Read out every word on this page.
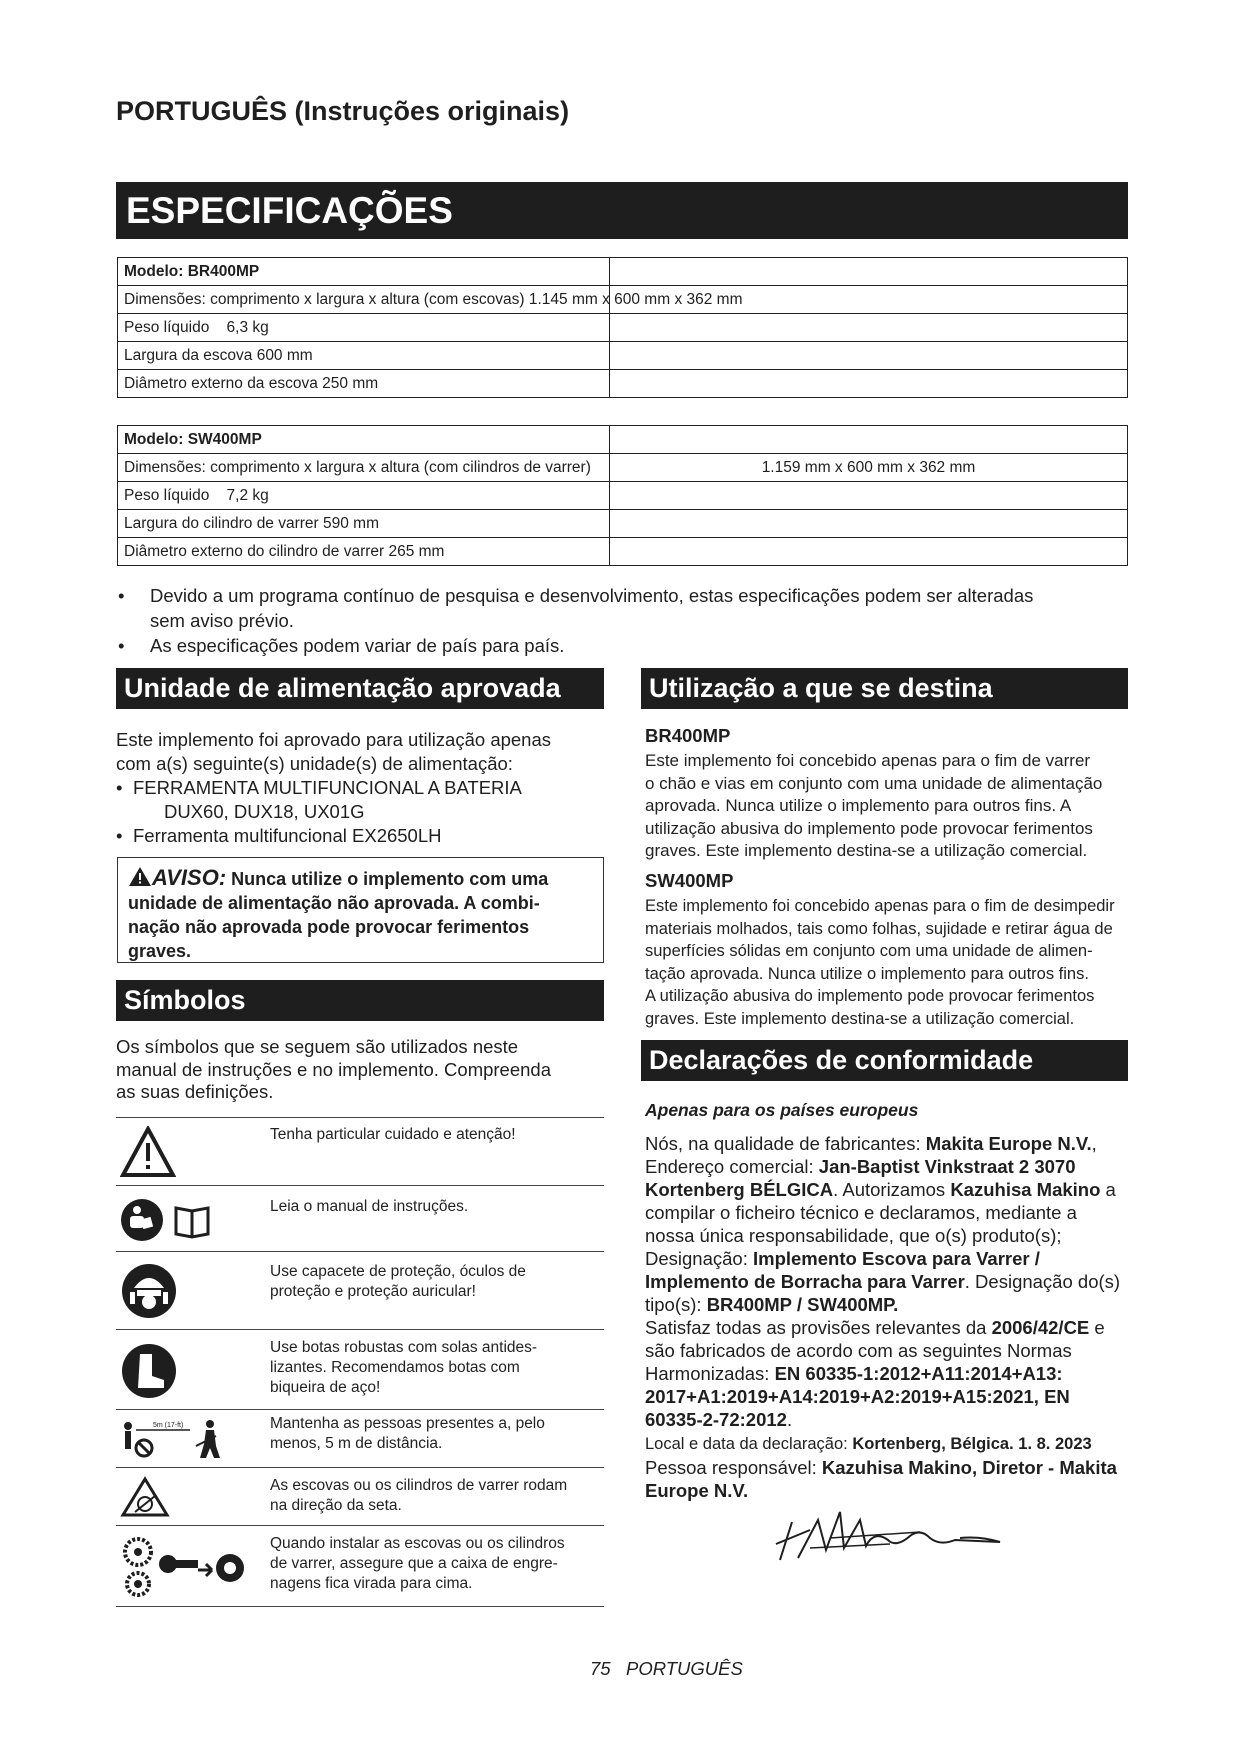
PORTUGUÊS (Instruções originais)
ESPECIFICAÇÕES
Modelo: BR400MP	
Dimensões: comprimento x largura x altura (com escovas) 1.145 mm x 600 mm x 362 mm	
Peso líquido    6,3 kg	
Largura da escova 600 mm	
Diâmetro externo da escova 250 mm	
Modelo: SW400MP	
Dimensões: comprimento x largura x altura (com cilindros de varrer)	1.159 mm x 600 mm x 362 mm
Peso líquido    7,2 kg	
Largura do cilindro de varrer 590 mm	
Diâmetro externo do cilindro de varrer 265 mm	
•	Devido a um programa contínuo de pesquisa e desenvolvimento, estas especificações podem ser alteradas
sem aviso prévio.
•	As especificações podem variar de país para país.
Unidade de alimentação aprovada
Este implemento foi aprovado para utilização apenas
com a(s) seguinte(s) unidade(s) de alimentação:
• FERRAMENTA MULTIFUNCIONAL A BATERIA
DUX60, DUX18, UX01G
• Ferramenta multifuncional EX2650LH
AVISO: Nunca utilize o implemento com uma
unidade de alimentação não aprovada. A combi-
nação não aprovada pode provocar ferimentos
graves.
Símbolos
Os símbolos que se seguem são utilizados neste
manual de instruções e no implemento. Compreenda
as suas definições.
Tenha particular cuidado e atenção!
Leia o manual de instruções.
Use capacete de proteção, óculos de
proteção e proteção auricular!
Use botas robustas com solas antides-
lizantes. Recomendamos botas com
biqueira de aço!
5m (17-ft)	Mantenha as pessoas presentes a, pelo
menos, 5 m de distância.
As escovas ou os cilindros de varrer rodam
na direção da seta.
Quando instalar as escovas ou os cilindros
de varrer, assegure que a caixa de engre-
nagens fica virada para cima.
Utilização a que se destina
BR400MP
Este implemento foi concebido apenas para o fim de varrer
o chão e vias em conjunto com uma unidade de alimentação
aprovada. Nunca utilize o implemento para outros fins. A
utilização abusiva do implemento pode provocar ferimentos
graves. Este implemento destina-se a utilização comercial.
SW400MP
Este implemento foi concebido apenas para o fim de desimpedir
materiais molhados, tais como folhas, sujidade e retirar água de
superfícies sólidas em conjunto com uma unidade de alimen-
tação aprovada. Nunca utilize o implemento para outros fins.
A utilização abusiva do implemento pode provocar ferimentos
graves. Este implemento destina-se a utilização comercial.
Declarações de conformidade
Apenas para os países europeus
Nós, na qualidade de fabricantes: Makita Europe N.V., Endereço comercial: Jan-Baptist Vinkstraat 2 3070 Kortenberg BÉLGICA. Autorizamos Kazuhisa Makino a compilar o ficheiro técnico e declaramos, mediante a nossa única responsabilidade, que o(s) produto(s); Designação: Implemento Escova para Varrer / Implemento de Borracha para Varrer. Designação do(s) tipo(s): BR400MP / SW400MP.
Satisfaz todas as provisões relevantes da 2006/42/CE e são fabricados de acordo com as seguintes Normas Harmonizadas: EN 60335-1:2012+A11:2014+A13: 2017+A1:2019+A14:2019+A2:2019+A15:2021, EN 60335-2-72:2012.
Local e data da declaração: Kortenberg, Bélgica. 1. 8. 2023
Pessoa responsável: Kazuhisa Makino, Diretor - Makita Europe N.V.
75   PORTUGUÊS
